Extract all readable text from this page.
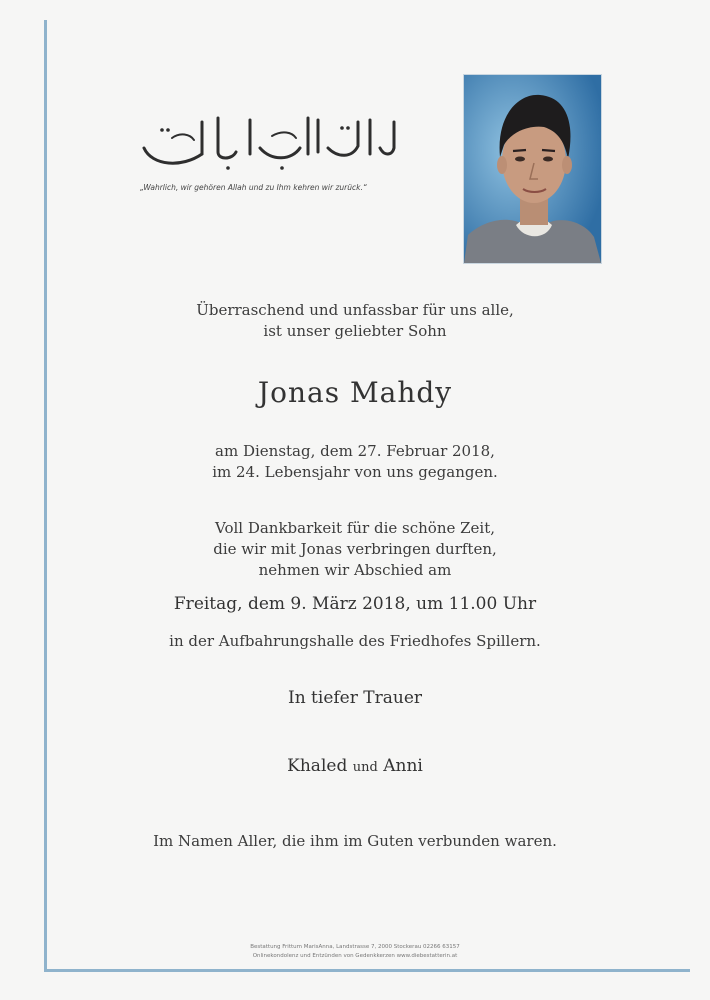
„Wahrlich, wir gehören Allah und zu Ihm kehren wir zurück.“
Überraschend und unfassbar für uns alle,
ist unser geliebter Sohn
Jonas Mahdy
am Dienstag, dem 27. Februar 2018,
im 24. Lebensjahr von uns gegangen.
Voll Dankbarkeit für die schöne Zeit,
die wir mit Jonas verbringen durften,
nehmen wir Abschied am
Freitag, dem 9. März 2018, um 11.00 Uhr
in der Aufbahrungshalle des Friedhofes Spillern.
In tiefer Trauer
Khaled und Anni
Im Namen Aller, die ihm im Guten verbunden waren.
Bestattung Frittum MarisAnna, Landstrasse 7, 2000 Stockerau 02266 63157
Onlinekondolenz und Entzünden von Gedenkkerzen www.diebestatterin.at
